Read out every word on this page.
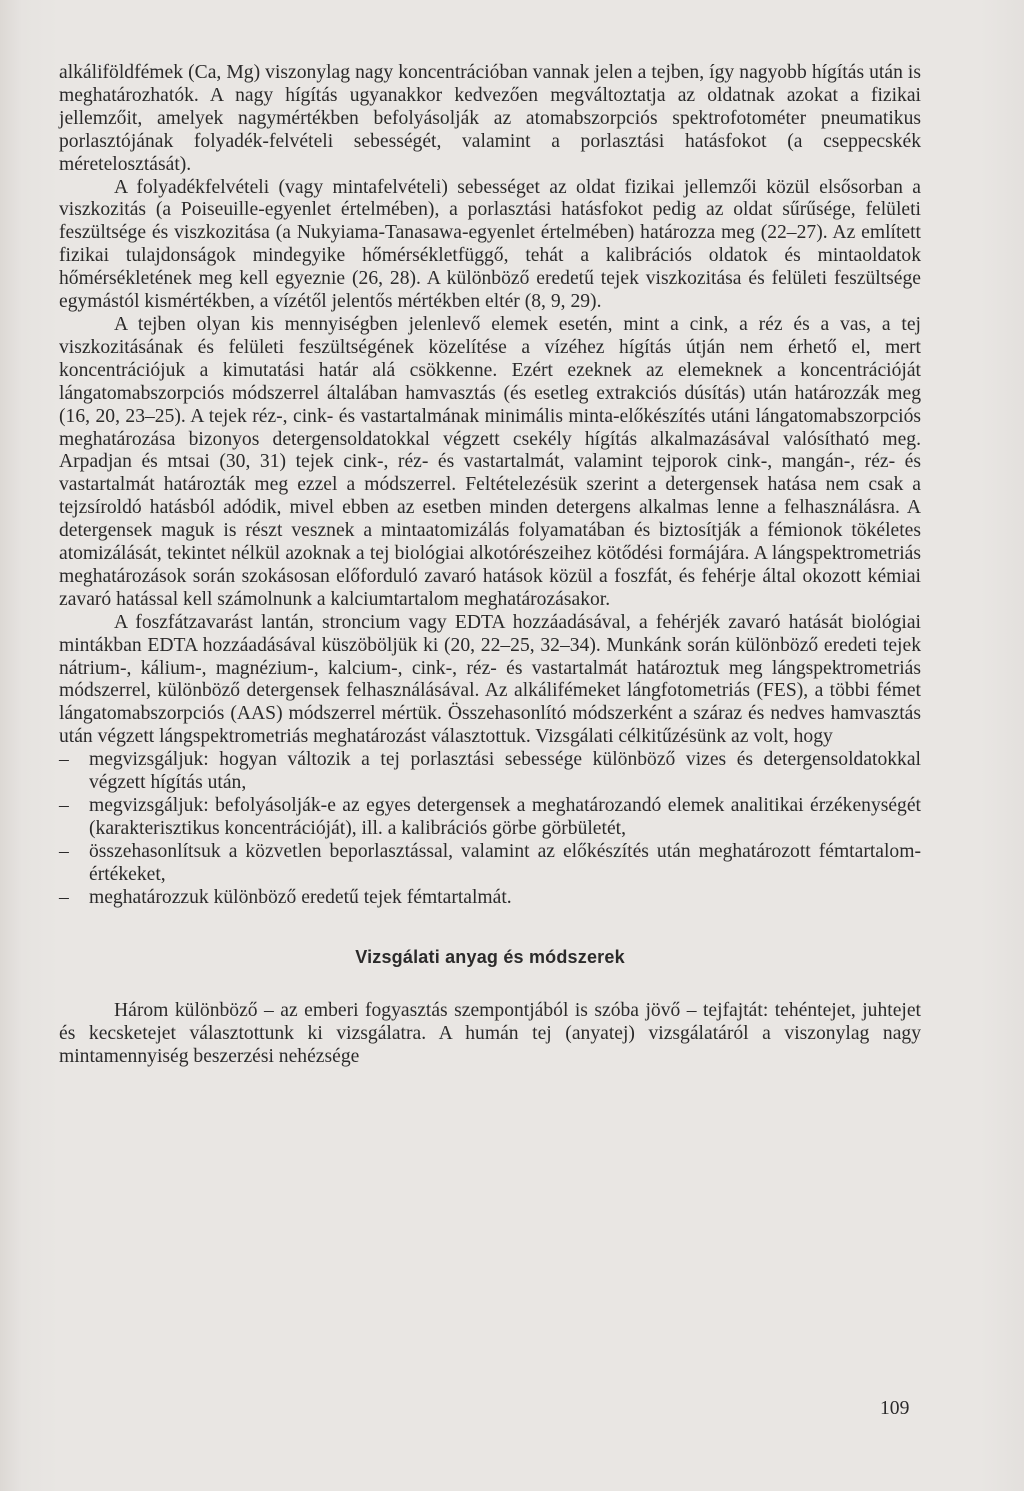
alkáliföldfémek (Ca, Mg) viszonylag nagy koncentrációban vannak jelen a tejben, így nagyobb hígítás után is meghatározhatók. A nagy hígítás ugyanakkor kedvezően megváltoztatja az oldatnak azokat a fizikai jellemzőit, amelyek nagymértékben befolyásolják az atomabszorpciós spektrofotométer pneumatikus porlasztójának folyadék-felvételi sebességét, valamint a porlasztási hatásfokot (a cseppecskék méretelosztását).

A folyadékfelvételi (vagy mintafelvételi) sebességet az oldat fizikai jellemzői közül elsősorban a viszkozitás (a Poiseuille-egyenlet értelmében), a porlasztási hatásfokot pedig az oldat sűrűsége, felületi feszültsége és viszkozitása (a Nukyiama-Tanasawa-egyenlet értelmében) határozza meg (22–27). Az említett fizikai tulajdonságok mindegyike hőmérsékletfüggő, tehát a kalibrációs oldatok és mintaoldatok hőmérsékletének meg kell egyeznie (26, 28). A különböző eredetű tejek viszkozitása és felületi feszültsége egymástól kismértékben, a vízétől jelentős mértékben eltér (8, 9, 29).

A tejben olyan kis mennyiségben jelenlevő elemek esetén, mint a cink, a réz és a vas, a tej viszkozitásának és felületi feszültségének közelítése a vízéhez hígítás útján nem érhető el, mert koncentrációjuk a kimutatási határ alá csökkenne. Ezért ezeknek az elemeknek a koncentrációját lángatomabszorpciós módszerrel általában hamvasztás (és esetleg extrakciós dúsítás) után határozzák meg (16, 20, 23–25). A tejek réz-, cink- és vastartalmának minimális minta-előkészítés utáni lángatomabszorpciós meghatározása bizonyos detergensoldatokkal végzett csekély hígítás alkalmazásával valósítható meg. Arpadjan és mtsai (30, 31) tejek cink-, réz- és vastartalmát, valamint tejporok cink-, mangán-, réz- és vastartalmát határozták meg ezzel a módszerrel. Feltételezésük szerint a detergensek hatása nem csak a tejzsíroldó hatásból adódik, mivel ebben az esetben minden detergens alkalmas lenne a felhasználásra. A detergensek maguk is részt vesznek a mintaatomizálás folyamatában és biztosítják a fémionok tökéletes atomizálását, tekintet nélkül azoknak a tej biológiai alkotórészeihez kötődési formájára. A lángspektrometriás meghatározások során szokásosan előforduló zavaró hatások közül a foszfát, és fehérje által okozott kémiai zavaró hatással kell számolnunk a kalciumtartalom meghatározásakor.

A foszfátzavarást lantán, stroncium vagy EDTA hozzáadásával, a fehérjék zavaró hatását biológiai mintákban EDTA hozzáadásával küszöböljük ki (20, 22–25, 32–34). Munkánk során különböző eredeti tejek nátrium-, kálium-, magnézium-, kalcium-, cink-, réz- és vastartalmát határoztuk meg lángspektrometriás módszerrel, különböző detergensek felhasználásával. Az alkálifémeket lángfotometriás (FES), a többi fémet lángatomabszorpciós (AAS) módszerrel mértük. Összehasonlító módszerként a száraz és nedves hamvasztás után végzett lángspektrometriás meghatározást választottuk. Vizsgálati célkitűzésünk az volt, hogy

– megvizsgáljuk: hogyan változik a tej porlasztási sebessége különböző vizes és detergensoldatokkal végzett hígítás után,
– megvizsgáljuk: befolyásolják-e az egyes detergensek a meghatározandó elemek analitikai érzékenységét (karakterisztikus koncentrációját), ill. a kalibrációs görbe görbületét,
– összehasonlítsuk a közvetlen beporlasztással, valamint az előkészítés után meghatározott fémtartalom-értékeket,
– meghatározzuk különböző eredetű tejek fémtartalmát.
Vizsgálati anyag és módszerek

Három különböző – az emberi fogyasztás szempontjából is szóba jövő – tejfajtát: tehéntejet, juhtejet és kecsketejet választottunk ki vizsgálatra. A humán tej (anyatej) vizsgálatáról a viszonylag nagy mintamennyiség beszerzési nehézsége

109
